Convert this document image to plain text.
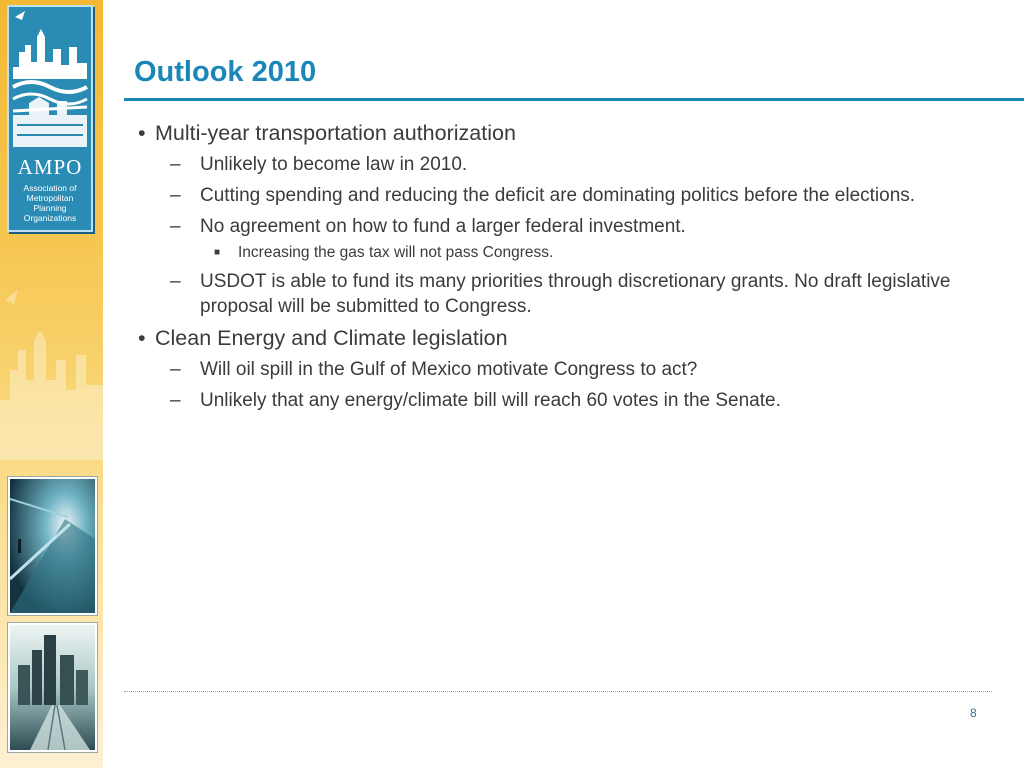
AMPO
Association of Metropolitan Planning Organizations
Outlook 2010
• Multi-year transportation authorization
– Unlikely to become law in 2010.
– Cutting spending and reducing the deficit are dominating politics before the elections.
– No agreement on how to fund a larger federal investment.
■ Increasing the gas tax will not pass Congress.
– USDOT is able to fund its many priorities through discretionary grants. No draft legislative proposal will be submitted to Congress.
• Clean Energy and Climate legislation
– Will oil spill in the Gulf of Mexico motivate Congress to act?
– Unlikely that any energy/climate bill will reach 60 votes in the Senate.
8
